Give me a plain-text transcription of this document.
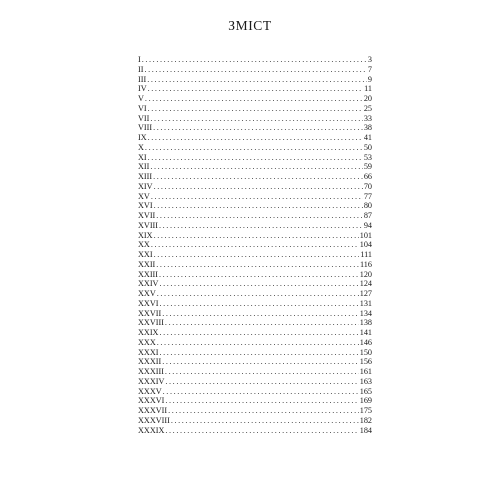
ЗМІСТ
I .....	3
II .....	7
III .....	9
IV .....	11
V .....	20
VI .....	25
VII .....	33
VIII .....	38
IX .....	41
X .....	50
XI .....	53
XII .....	59
XIII .....	66
XIV .....	70
XV .....	77
XVI .....	80
XVII .....	87
XVIII .....	94
XIX .....	101
XX .....	104
XXI .....	111
XXII .....	116
XXIII .....	120
XXIV .....	124
XXV .....	127
XXVI .....	131
XXVII .....	134
XXVIII .....	138
XXIX .....	141
XXX .....	146
XXXI .....	150
XXXII .....	156
XXXIII .....	161
XXXIV .....	163
XXXV .....	165
XXXVI .....	169
XXXVII .....	175
XXXVIII .....	182
XXXIX .....	184
